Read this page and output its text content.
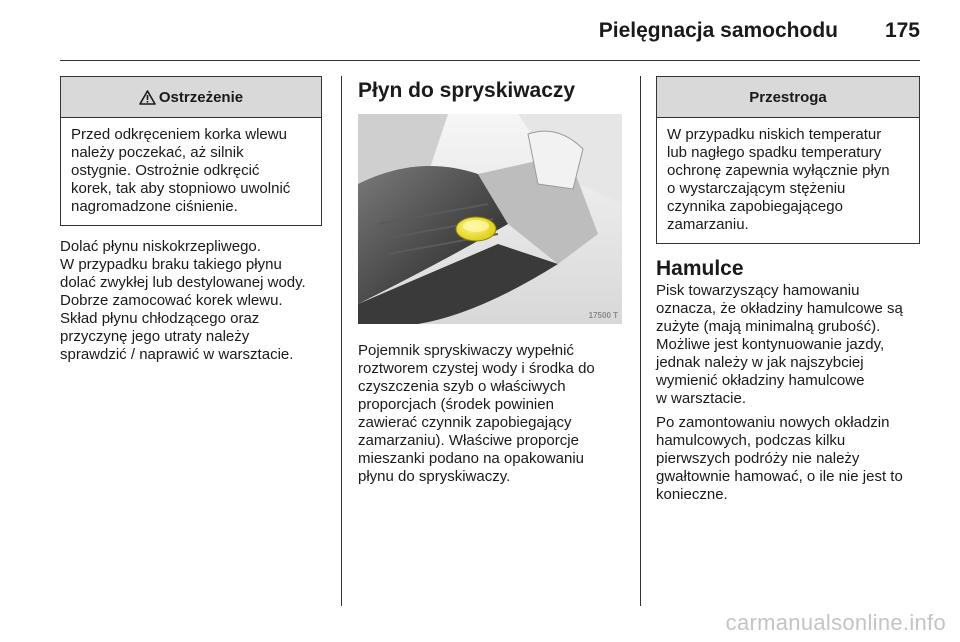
Pielęgnacja samochodu 175
Ostrzeżenie
Przed odkręceniem korka wlewu
należy poczekać, aż silnik
ostygnie. Ostrożnie odkręcić
korek, tak aby stopniowo uwolnić
nagromadzone ciśnienie.
Dolać płynu niskokrzepliwego.
W przypadku braku takiego płynu
dolać zwykłej lub destylowanej wody.
Dobrze zamocować korek wlewu.
Skład płynu chłodzącego oraz
przyczynę jego utraty należy
sprawdzić / naprawić w warsztacie.
Płyn do spryskiwaczy
17500 T
Pojemnik spryskiwaczy wypełnić
roztworem czystej wody i środka do
czyszczenia szyb o właściwych
proporcjach (środek powinien
zawierać czynnik zapobiegający
zamarzaniu). Właściwe proporcje
mieszanki podano na opakowaniu
płynu do spryskiwaczy.
Przestroga
W przypadku niskich temperatur
lub nagłego spadku temperatury
ochronę zapewnia wyłącznie płyn
o wystarczającym stężeniu
czynnika zapobiegającego
zamarzaniu.
Hamulce
Pisk towarzyszący hamowaniu
oznacza, że okładziny hamulcowe są
zużyte (mają minimalną grubość).
Możliwe jest kontynuowanie jazdy,
jednak należy w jak najszybciej
wymienić okładziny hamulcowe
w warsztacie.
Po zamontowaniu nowych okładzin
hamulcowych, podczas kilku
pierwszych podróży nie należy
gwałtownie hamować, o ile nie jest to
konieczne.
carmanualsonline.info
